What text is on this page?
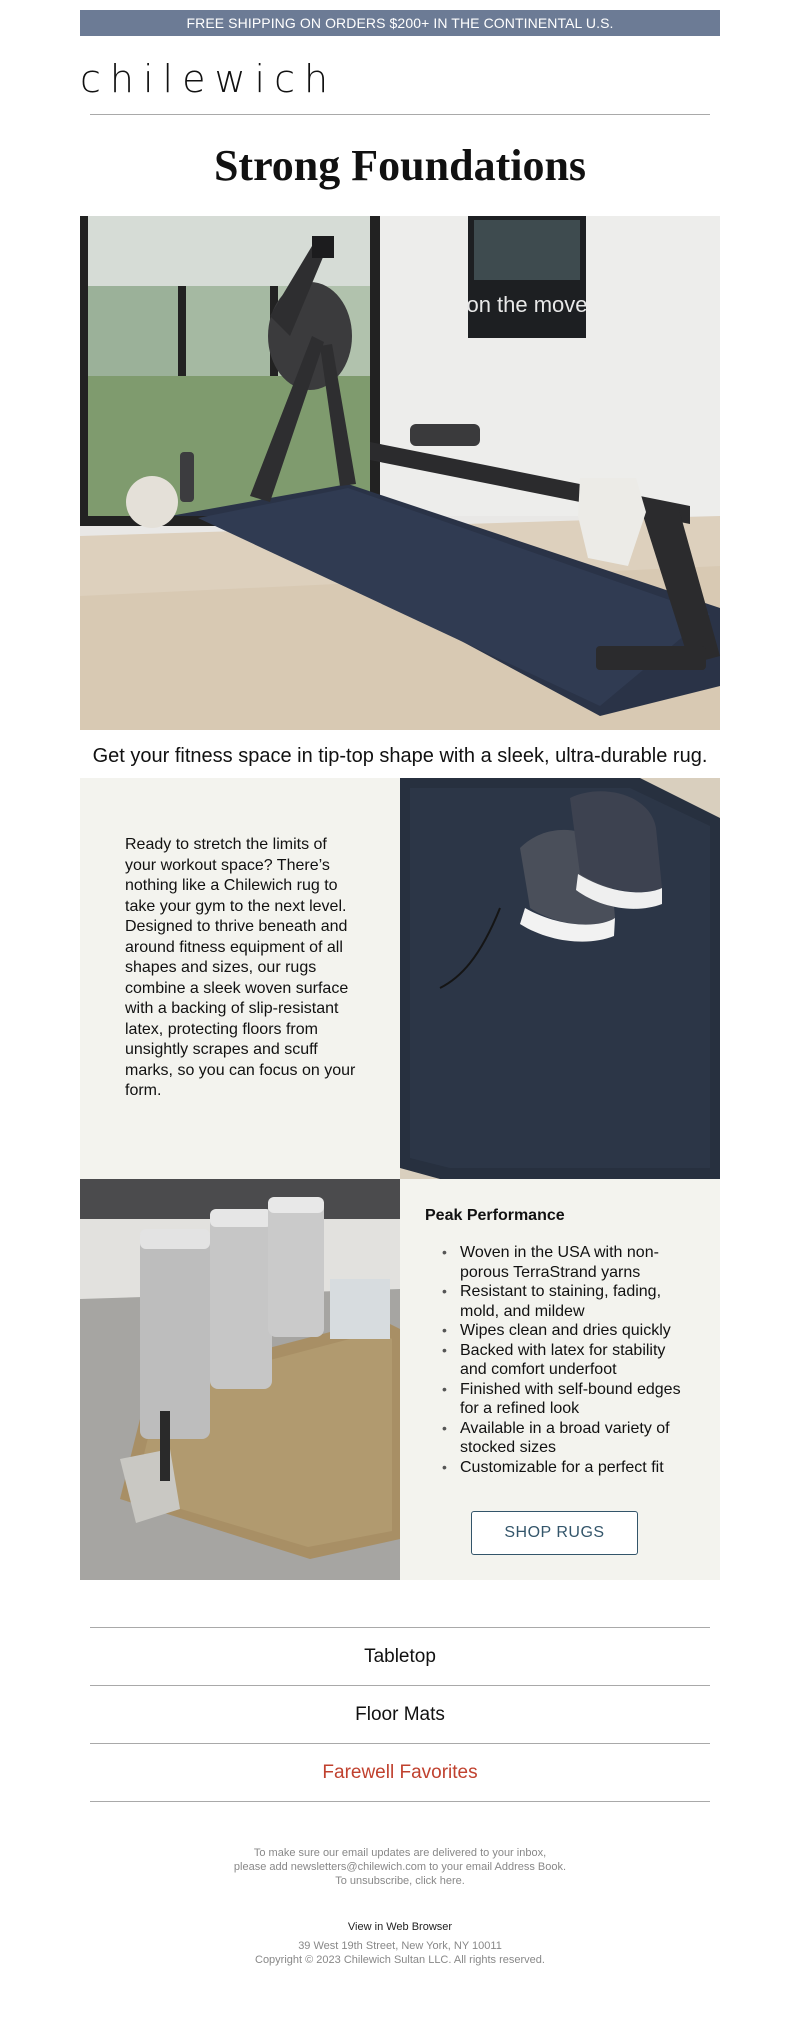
FREE SHIPPING ON ORDERS $200+ IN THE CONTINENTAL U.S.
chilewich
Strong Foundations
on the move

Get your fitness space in tip-top shape with a sleek, ultra-durable rug.

Ready to stretch the limits of your workout space? There’s nothing like a Chilewich rug to take your gym to the next level. Designed to thrive beneath and around fitness equipment of all shapes and sizes, our rugs combine a sleek woven surface with a backing of slip-resistant latex, protecting floors from unsightly scrapes and scuff marks, so you can focus on your form.

Peak Performance
• Woven in the USA with non-porous TerraStrand yarns
• Resistant to staining, fading, mold, and mildew
• Wipes clean and dries quickly
• Backed with latex for stability and comfort underfoot
• Finished with self-bound edges for a refined look
• Available in a broad variety of stocked sizes
• Customizable for a perfect fit
SHOP RUGS
Tabletop
Floor Mats
Farewell Favorites

To make sure our email updates are delivered to your inbox,

please add newsletters@chilewich.com to your email Address Book.

To unsubscribe, click here.

View in Web Browser

39 West 19th Street, New York, NY 10011

Copyright © 2023 Chilewich Sultan LLC. All rights reserved.
